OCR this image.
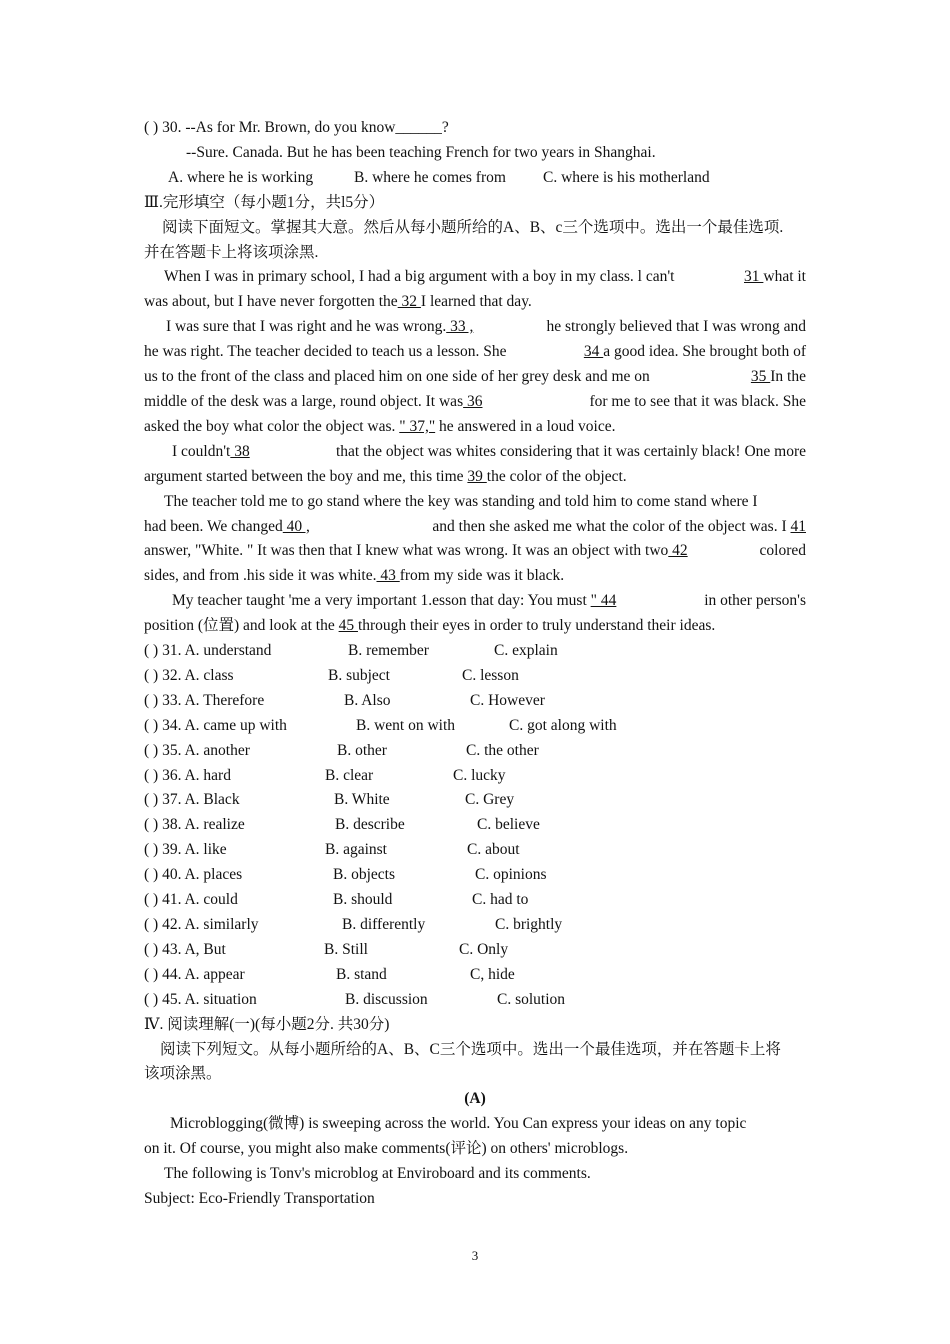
( ) 30. --As for Mr. Brown, do you know______?
--Sure. Canada. But he has been teaching French for two years in Shanghai.
A. where he is working	B. where he comes from	C. where is his motherland
Ⅲ.完形填空（每小题1分，共l5分）
阅读下面短文。掌握其大意。然后从每小题所给的A、B、c三个选项中。选出一个最佳选项.
并在答题卡上将该项涂黑.
When I was in primary school, I had a big argument with a boy in my class. l can't	31 what it
was about, but I have never forgotten the 32 I learned that day.
I was sure that I was right and he was wrong. 33 ,	he strongly believed that I was wrong and
he was right. The teacher decided to teach us a lesson. She	34 a good idea. She brought both of
us to the front of the class and placed him on one side of her grey desk and me on	35 In the
middle of the desk was a large, round object. It was 36	for me to see that it was black. She
asked the boy what color the object was. " 37," he answered in a loud voice.
I couldn't 38	that the object was whites considering that it was certainly black! One more
argument started between the boy and me, this time 39 the color of the object.
The teacher told me to go stand where the key was standing and told him to come stand where I
had been. We changed 40 ,	and then she asked me what the color of the object was. I 41
answer, "White. " It was then that I knew what was wrong. It was an object with two 42	colored
sides, and from .his side it was white. 43 from my side was it black.
My teacher taught 'me a very important 1.esson that day: You must " 44	in other person's
position (位置) and look at the 45 through their eyes in order to truly understand their ideas.
( ) 31. A. understand	B. remember	C. explain
( ) 32. A. class	B. subject	C. lesson
( ) 33. A. Therefore	B. Also	C. However
( ) 34. A. came up with	B. went on with	C. got along with
( ) 35. A. another	B. other	C. the other
( ) 36. A. hard	B. clear	C. lucky
( ) 37. A. Black	B. White	C. Grey
( ) 38. A. realize	B. describe	C. believe
( ) 39. A. like	B. against	C. about
( ) 40. A. places	B. objects	C. opinions
( ) 41. A. could	B. should	C. had to
( ) 42. A. similarly	B. differently	C. brightly
( ) 43. A, But	B. Still	C. Only
( ) 44. A. appear	B. stand	C, hide
( ) 45. A. situation	B. discussion	C. solution
Ⅳ. 阅读理解(一)(每小题2分. 共30分)
阅读下列短文。从每小题所给的A、B、C三个选项中。选出一个最佳选项，并在答题卡上将
该项涂黑。
(A)
Microblogging(微博) is sweeping across the world. You Can express your ideas on any topic
on it. Of course, you might also make comments(评论) on others' microblogs.
The following is Tonv's microblog at Enviroboard and its comments.
Subject: Eco-Friendly Transportation
3
